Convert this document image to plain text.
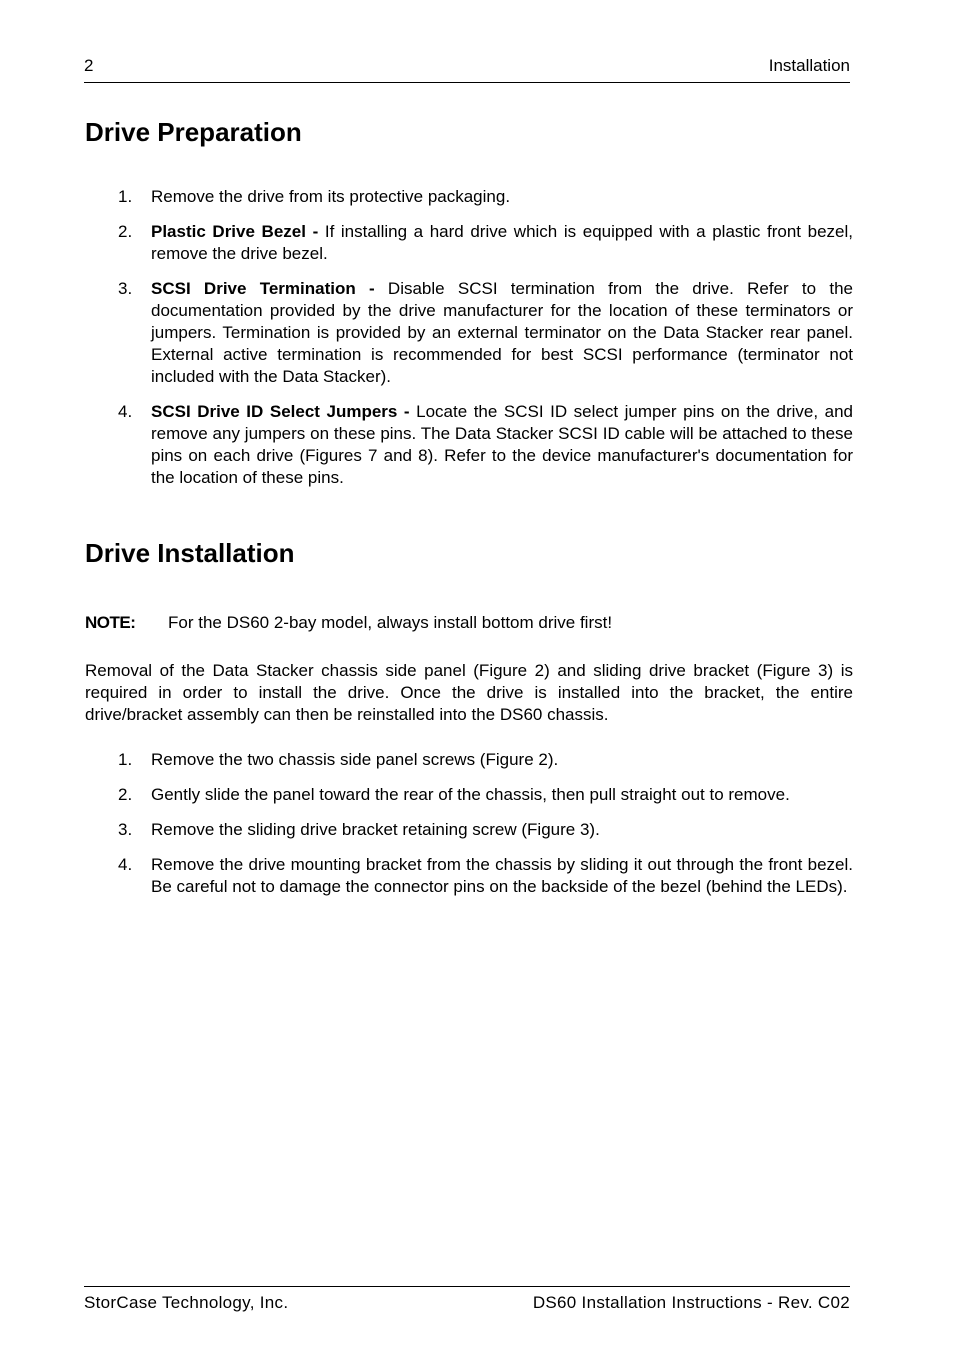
2	Installation
Drive Preparation
1. Remove the drive from its protective packaging.
2. Plastic Drive Bezel - If installing a hard drive which is equipped with a plastic front bezel, remove the drive bezel.
3. SCSI Drive Termination - Disable SCSI termination from the drive. Refer to the documentation provided by the drive manufacturer for the location of these terminators or jumpers. Termination is provided by an external terminator on the Data Stacker rear panel. External active termination is recommended for best SCSI performance (terminator not included with the Data Stacker).
4. SCSI Drive ID Select Jumpers - Locate the SCSI ID select jumper pins on the drive, and remove any jumpers on these pins. The Data Stacker SCSI ID cable will be attached to these pins on each drive (Figures 7 and 8). Refer to the device manufacturer's documentation for the location of these pins.
Drive Installation
NOTE: For the DS60 2-bay model, always install bottom drive first!

Removal of the Data Stacker chassis side panel (Figure 2) and sliding drive bracket (Figure 3) is required in order to install the drive. Once the drive is installed into the bracket, the entire drive/bracket assembly can then be reinstalled into the DS60 chassis.

1. Remove the two chassis side panel screws (Figure 2).
2. Gently slide the panel toward the rear of the chassis, then pull straight out to remove.
3. Remove the sliding drive bracket retaining screw (Figure 3).
4. Remove the drive mounting bracket from the chassis by sliding it out through the front bezel. Be careful not to damage the connector pins on the backside of the bezel (behind the LEDs).
StorCase Technology, Inc.	DS60 Installation Instructions - Rev. C02
